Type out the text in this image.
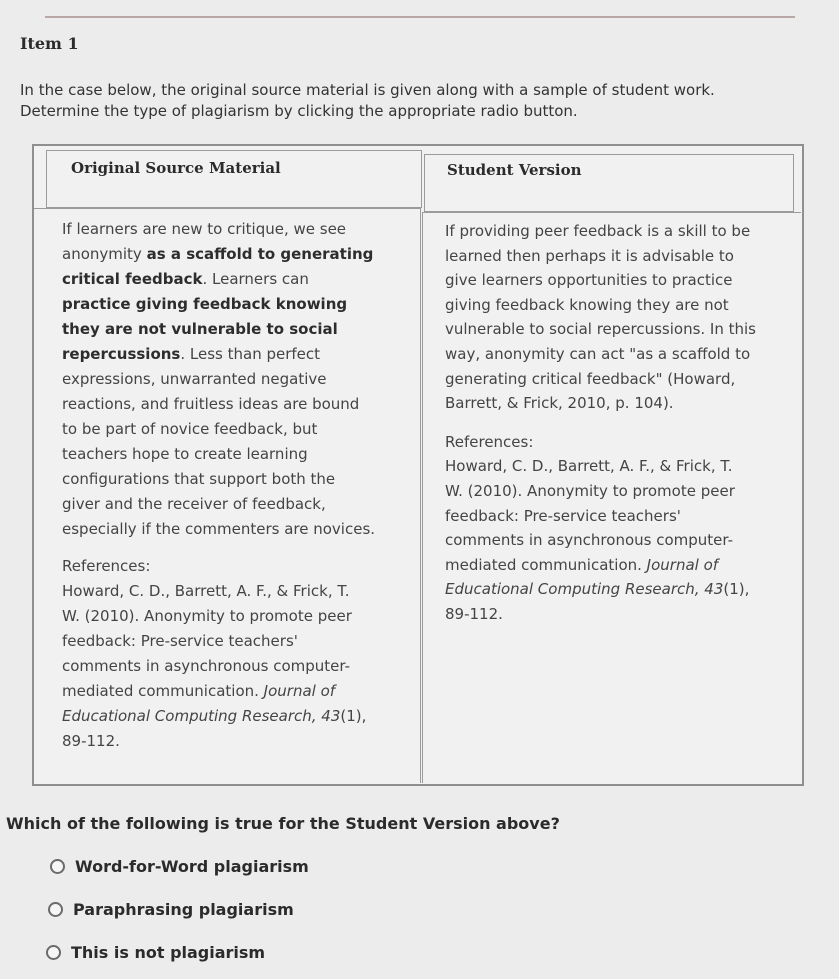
Item 1
In the case below, the original source material is given along with a sample of student work.
Determine the type of plagiarism by clicking the appropriate radio button.
Original Source Material	Student Version
If learners are new to critique, we see
anonymity as a scaffold to generating
critical feedback. Learners can
practice giving feedback knowing
they are not vulnerable to social
repercussions. Less than perfect
expressions, unwarranted negative
reactions, and fruitless ideas are bound
to be part of novice feedback, but
teachers hope to create learning
configurations that support both the
giver and the receiver of feedback,
especially if the commenters are novices.
References:
Howard, C. D., Barrett, A. F., & Frick, T.
W. (2010). Anonymity to promote peer
feedback: Pre-service teachers'
comments in asynchronous computer-
mediated communication. Journal of
Educational Computing Research, 43(1),
89-112.
If providing peer feedback is a skill to be
learned then perhaps it is advisable to
give learners opportunities to practice
giving feedback knowing they are not
vulnerable to social repercussions. In this
way, anonymity can act "as a scaffold to
generating critical feedback" (Howard,
Barrett, & Frick, 2010, p. 104).
References:
Howard, C. D., Barrett, A. F., & Frick, T.
W. (2010). Anonymity to promote peer
feedback: Pre-service teachers'
comments in asynchronous computer-
mediated communication. Journal of
Educational Computing Research, 43(1),
89-112.
Which of the following is true for the Student Version above?
Word-for-Word plagiarism
Paraphrasing plagiarism
This is not plagiarism
